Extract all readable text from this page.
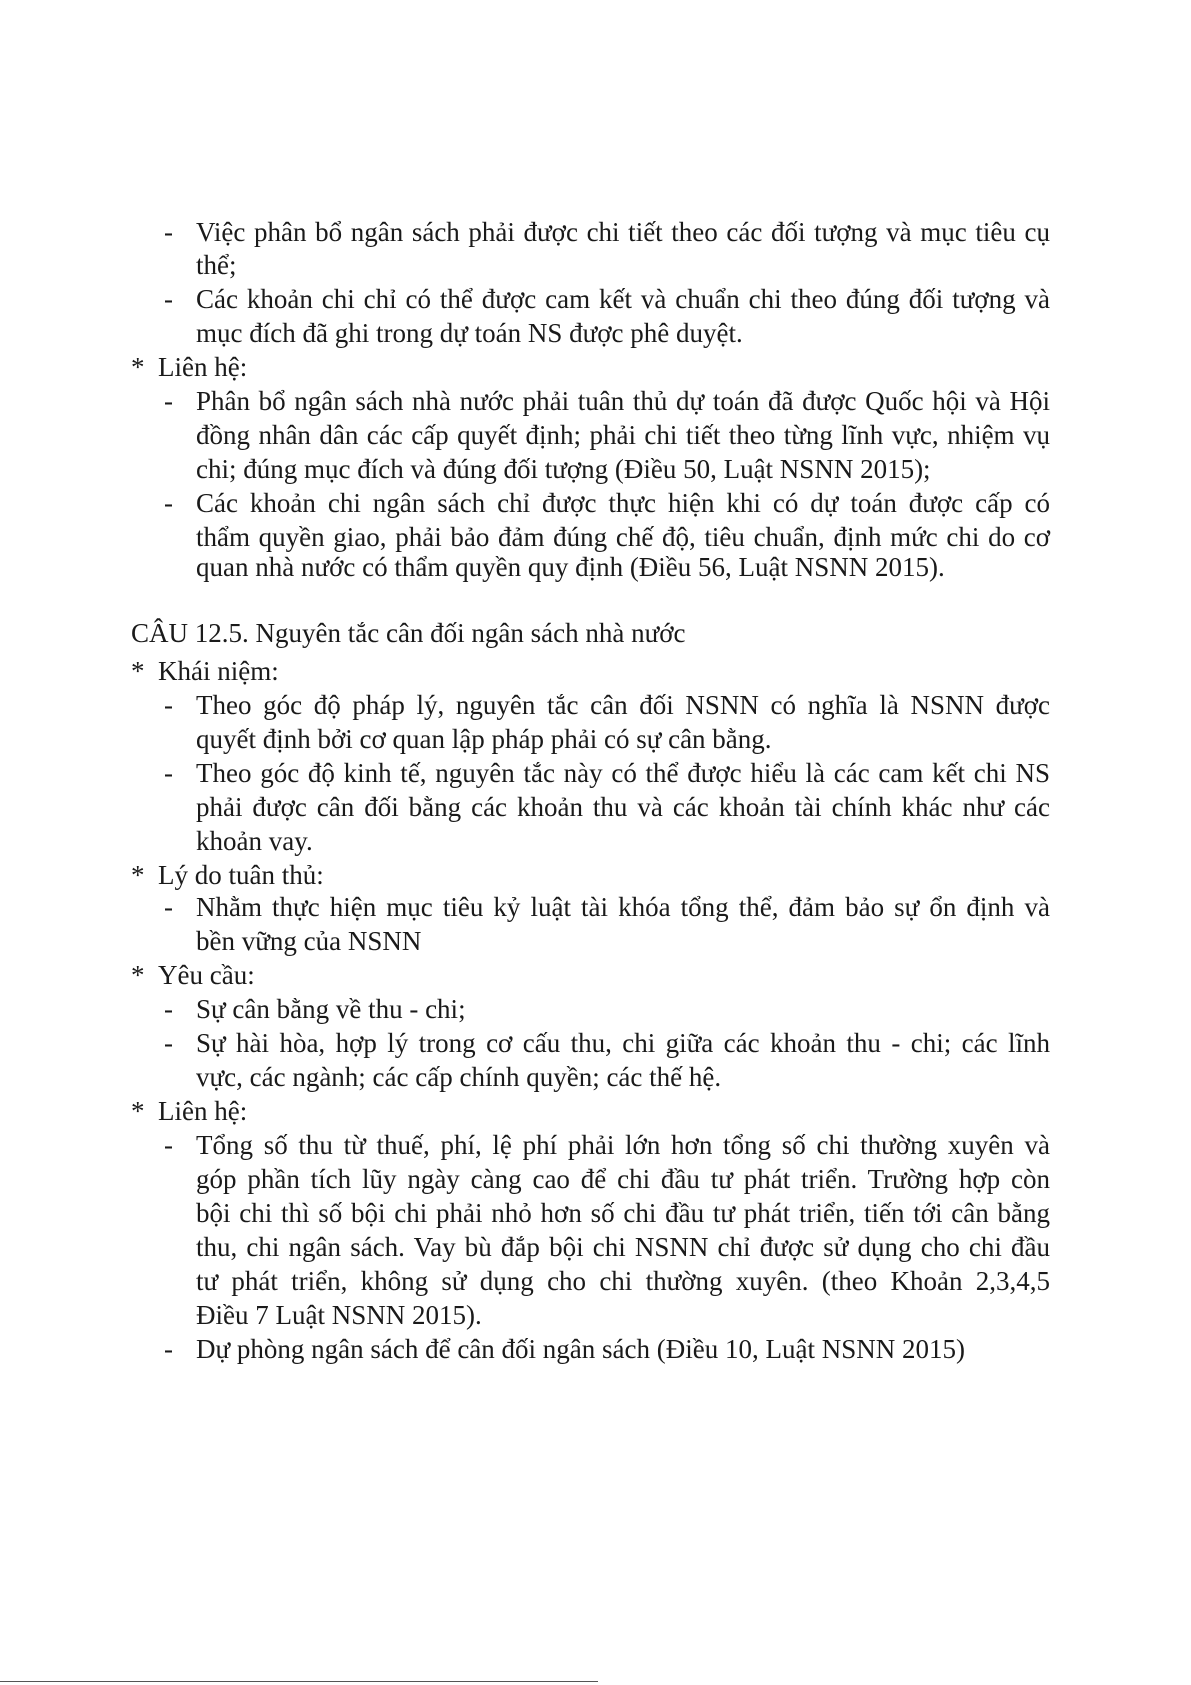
- Việc phân bổ ngân sách phải được chi tiết theo các đối tượng và mục tiêu cụ
thể;
- Các khoản chi chỉ có thể được cam kết và chuẩn chi theo đúng đối tượng và
mục đích đã ghi trong dự toán NS được phê duyệt.
* Liên hệ:
- Phân bổ ngân sách nhà nước phải tuân thủ dự toán đã được Quốc hội và Hội
đồng nhân dân các cấp quyết định; phải chi tiết theo từng lĩnh vực, nhiệm vụ
chi; đúng mục đích và đúng đối tượng (Điều 50, Luật NSNN 2015);
- Các khoản chi ngân sách chỉ được thực hiện khi có dự toán được cấp có
thẩm quyền giao, phải bảo đảm đúng chế độ, tiêu chuẩn, định mức chi do cơ
quan nhà nước có thẩm quyền quy định (Điều 56, Luật NSNN 2015).
CÂU 12.5. Nguyên tắc cân đối ngân sách nhà nước
* Khái niệm:
- Theo góc độ pháp lý, nguyên tắc cân đối NSNN có nghĩa là NSNN được
quyết định bởi cơ quan lập pháp phải có sự cân bằng.
- Theo góc độ kinh tế, nguyên tắc này có thể được hiểu là các cam kết chi NS
phải được cân đối bằng các khoản thu và các khoản tài chính khác như các
khoản vay.
* Lý do tuân thủ:
- Nhằm thực hiện mục tiêu kỷ luật tài khóa tổng thể, đảm bảo sự ổn định và
bền vững của NSNN
* Yêu cầu:
- Sự cân bằng về thu - chi;
- Sự hài hòa, hợp lý trong cơ cấu thu, chi giữa các khoản thu - chi; các lĩnh
vực, các ngành; các cấp chính quyền; các thế hệ.
* Liên hệ:
- Tổng số thu từ thuế, phí, lệ phí phải lớn hơn tổng số chi thường xuyên và
góp phần tích lũy ngày càng cao để chi đầu tư phát triển. Trường hợp còn
bội chi thì số bội chi phải nhỏ hơn số chi đầu tư phát triển, tiến tới cân bằng
thu, chi ngân sách. Vay bù đắp bội chi NSNN chỉ được sử dụng cho chi đầu
tư phát triển, không sử dụng cho chi thường xuyên. (theo Khoản 2,3,4,5
Điều 7 Luật NSNN 2015).
- Dự phòng ngân sách để cân đối ngân sách (Điều 10, Luật NSNN 2015)
